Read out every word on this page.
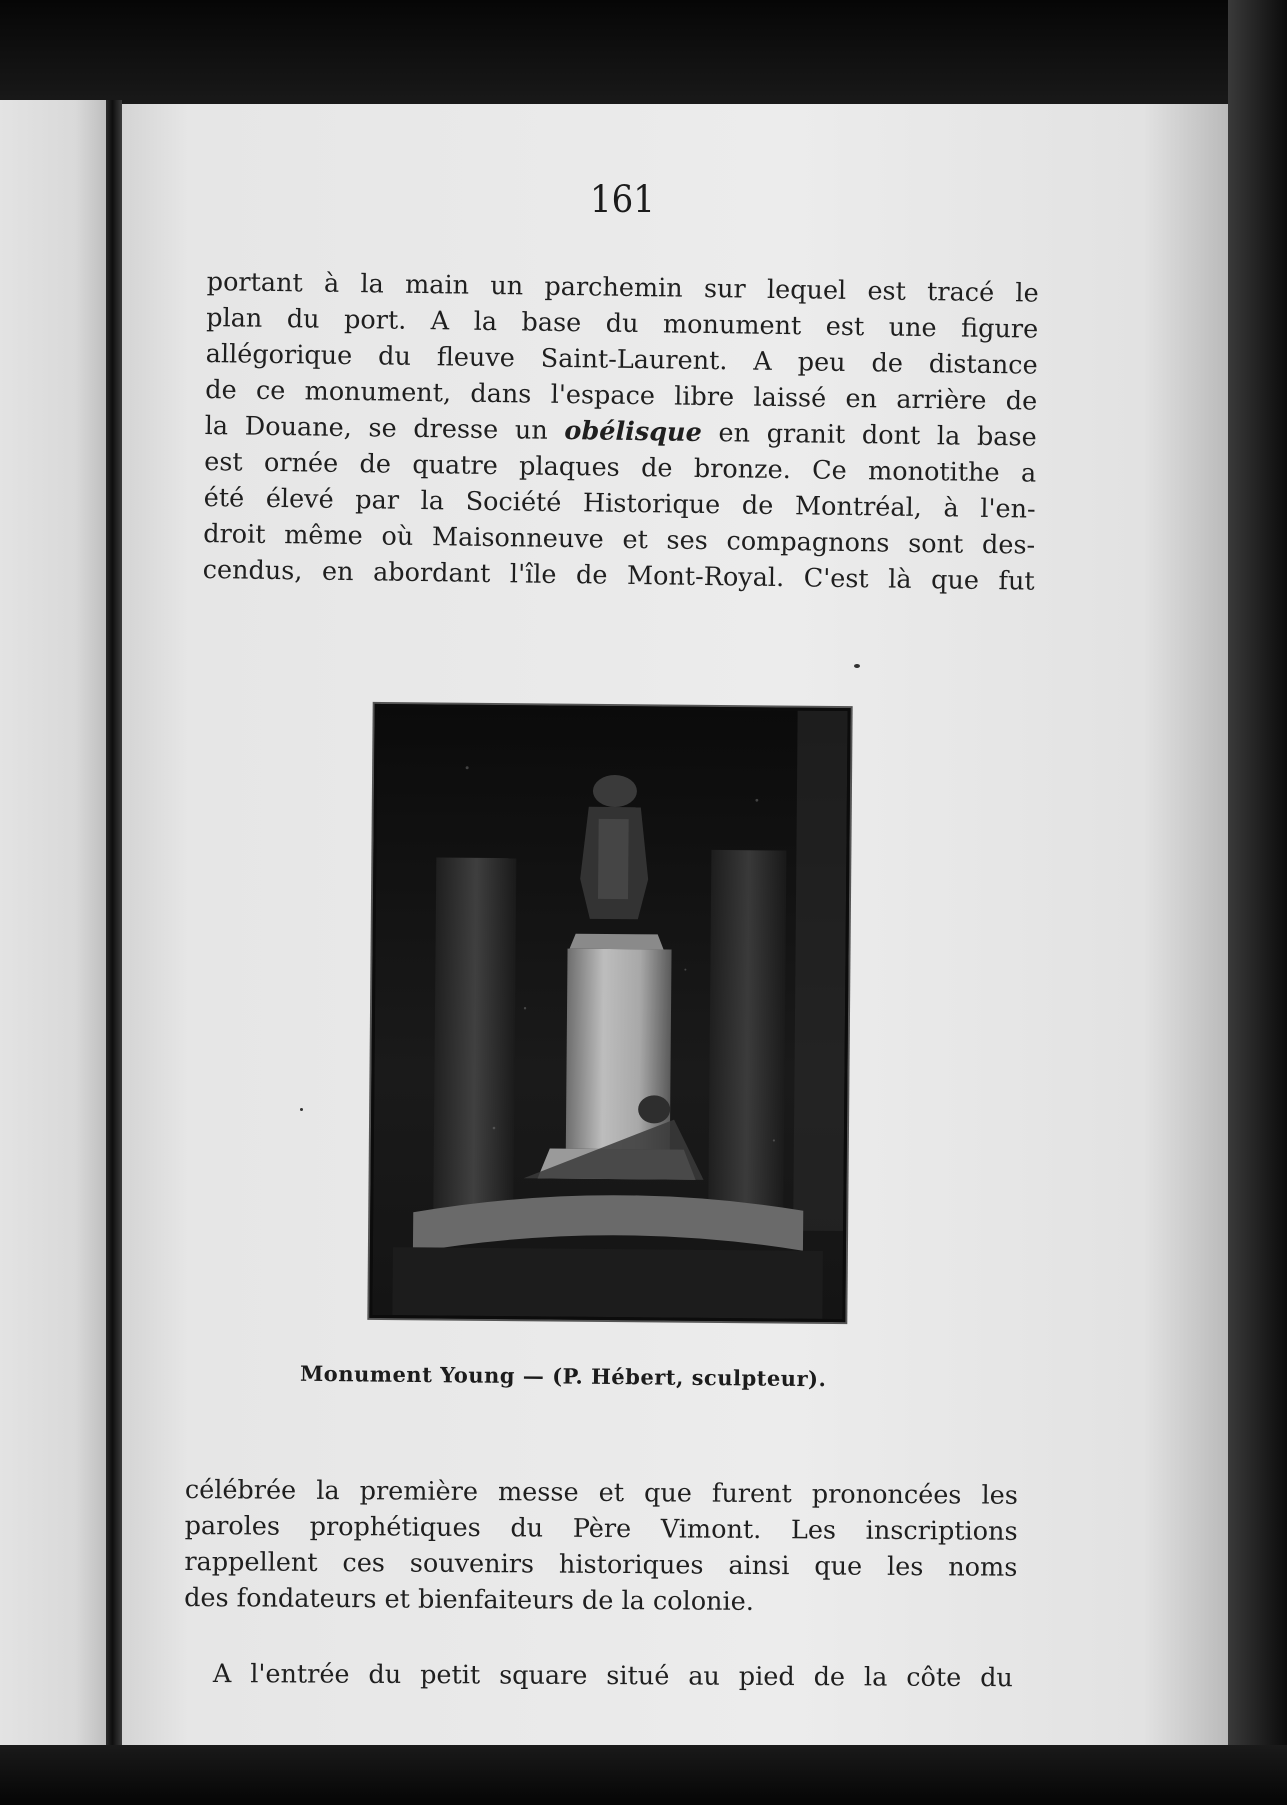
161

portant à la main un parchemin sur lequel est tracé le
plan du port. A la base du monument est une figure
allégorique du fleuve Saint-Laurent. A peu de distance
de ce monument, dans l'espace libre laissé en arrière de
la Douane, se dresse un obélisque en granit dont la base
est ornée de quatre plaques de bronze. Ce monotithe a
été élevé par la Société Historique de Montréal, à l'en-
droit même où Maisonneuve et ses compagnons sont des-
cendus, en abordant l'île de Mont-Royal. C'est là que fut

Monument Young — (P. Hébert, sculpteur).

célébrée la première messe et que furent prononcées les
paroles prophétiques du Père Vimont. Les inscriptions
rappellent ces souvenirs historiques ainsi que les noms
des fondateurs et bienfaiteurs de la colonie.

A l'entrée du petit square situé au pied de la côte du
